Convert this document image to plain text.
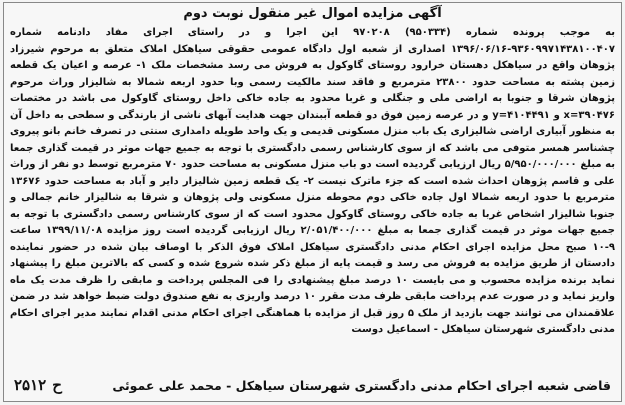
آگهی مزایده اموال غیر منقول نوبت دوم

به موجب پرونده شماره (۹۵۰۳۳۴) ۹۷۰۲۰۸ این اجرا و در راستای اجرای مفاد دادنامه شماره ۹۳۶۰۹۹۷۱۴۳۸۱۰۰۴۰۷-۱۳۹۶/۰۶/۱۶ اصداری از شعبه اول دادگاه عمومی حقوقی سیاهکل املاک متعلق به مرحوم شیرزاد پژوهان واقع در سیاهکل دهستان خرارود روستای گاوکول به فروش می رسد مشخصات ملک ۱- عرصه و اعیان یک قطعه زمین پشته به مساحت حدود ۲۳۸۰۰ مترمربع و فاقد سند مالکیت رسمی وبا حدود اربعه شمالا به شالیزار وراث مرحوم پژوهان شرقا و جنوبا به اراضی ملی و جنگلی و غربا محدود به جاده خاکی داخل روستای گاوکول می باشد در مختصات x=۳۹۰۴۷۶ و y=۴۱۰۴۴۹۱ و در عرصه زمین فوق دو قطعه آببندان جهت هدایت آبهای ناشی از بارندگی و سطحی به داخل آن به منظور آبیاری اراضی شالیزاری یک باب منزل مسکونی قدیمی و یک واحد طویله دامداری سنتی در تصرف خانم بانو پیروی چشناسر همسر متوفی می باشد که از سوی کارشناس رسمی دادگستری با توجه به جمیع جهات موثر در قیمت گذاری جمعا به مبلغ ۵/۹۵۰/۰۰۰/۰۰۰ ریال ارزیابی گردیده است دو باب منزل مسکونی به مساحت حدود ۷۰ مترمربع توسط دو نفر از وراث علی و قاسم پژوهان احداث شده است که جزء ماترک نیست ۲- یک قطعه زمین شالیزار دایر و آباد به مساحت حدود ۱۳۶۷۶ مترمربع با حدود اربعه شمالا اول جاده خاکی دوم محوطه منزل مسکونی ولی پژوهان و شرقا به شالیزار خانم جمالی و جنوبا شالیزار اشخاص غربا به جاده خاکی روستای گاوکول محدود است که از سوی کارشناس رسمی دادگستری با توجه به جمیع جهات موثر در قیمت گذاری جمعا به مبلغ ۲/۰۵۱/۴۰۰/۰۰۰ ریال ارزیابی گردیده است روز مزایده ۱۳۹۹/۱۱/۰۸ ساعت ۹-۱۰ صبح محل مزایده اجرای احکام مدنی دادگستری سیاهکل املاک فوق الذکر با اوصاف بیان شده در حضور نماینده دادستان از طریق مزایده به فروش می رسد و قیمت پایه از مبلغ ذکر شده شروع شده و کسی که بالاترین مبلغ را پیشنهاد نماید برنده مزایده محسوب و می بایست ۱۰ درصد مبلغ پیشنهادی را فی المجلس پرداخت و مابقی را ظرف مدت یک ماه واریز نماید و در صورت عدم پرداخت مابقی ظرف مدت مقرر ۱۰ درصد واریزی به نفع صندوق دولت ضبط خواهد شد در ضمن علاقمندان می توانند جهت بازدید از ملک ۵ روز قبل از مزایده با هماهنگی اجرای احکام مدنی اقدام نمایند مدیر اجرای احکام مدنی دادگستری شهرستان سیاهکل - اسماعیل دوست

قاضی شعبه اجرای احکام مدنی دادگستری شهرستان سیاهکل - محمد علی عموئی
ح
۲۵۱۲
